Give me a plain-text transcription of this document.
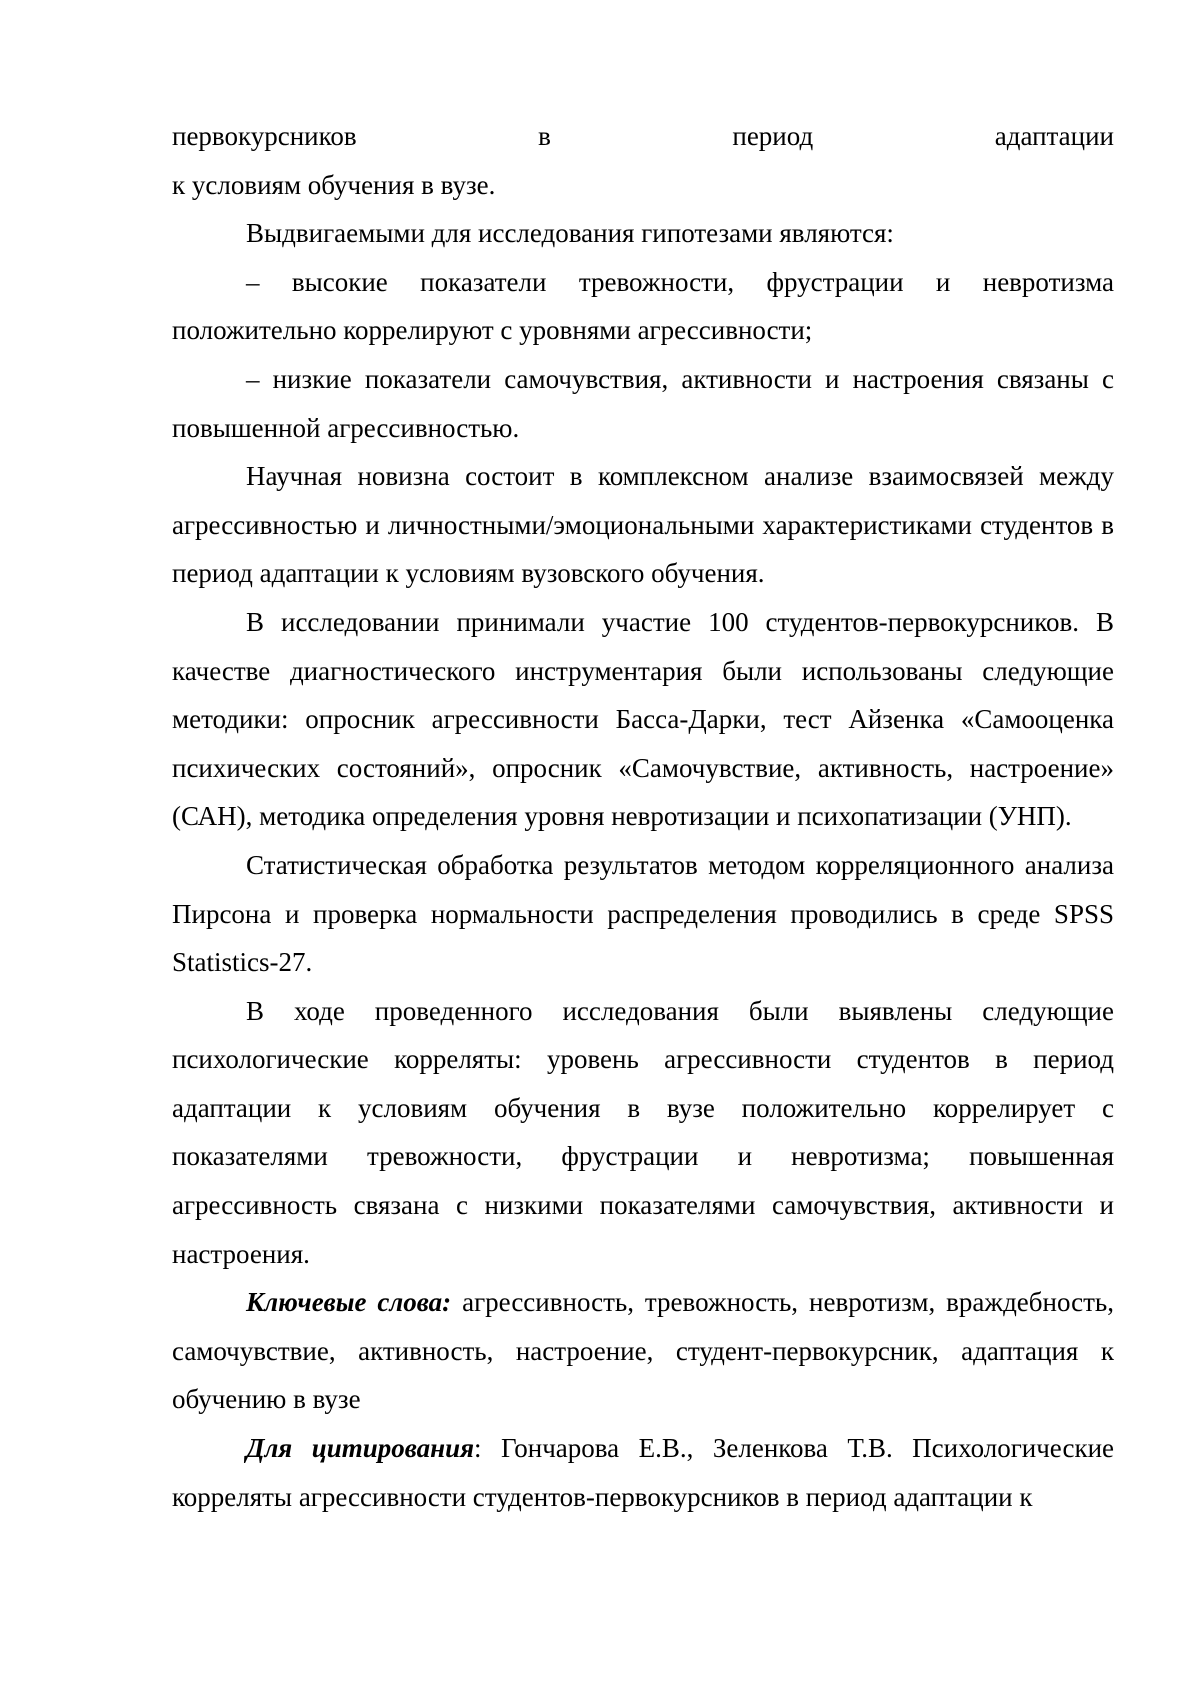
первокурсников в период адаптации

к условиям обучения в вузе.

Выдвигаемыми для исследования гипотезами являются:

– высокие показатели тревожности, фрустрации и невротизма положительно коррелируют с уровнями агрессивности;

– низкие показатели самочувствия, активности и настроения связаны с повышенной агрессивностью.

Научная новизна состоит в комплексном анализе взаимосвязей между агрессивностью и личностными/эмоциональными характеристиками студентов в период адаптации к условиям вузовского обучения.

В исследовании принимали участие 100 студентов-первокурсников. В качестве диагностического инструментария были использованы следующие методики: опросник агрессивности Басса-Дарки, тест Айзенка «Самооценка психических состояний», опросник «Самочувствие, активность, настроение» (САН), методика определения уровня невротизации и психопатизации (УНП).

Статистическая обработка результатов методом корреляционного анализа Пирсона и проверка нормальности распределения проводились в среде SPSS Statistics-27.

В ходе проведенного исследования были выявлены следующие психологические корреляты: уровень агрессивности студентов в период адаптации к условиям обучения в вузе положительно коррелирует с показателями тревожности, фрустрации и невротизма; повышенная агрессивность связана с низкими показателями самочувствия, активности и настроения.

Ключевые слова: агрессивность, тревожность, невротизм, враждебность, самочувствие, активность, настроение, студент-первокурсник, адаптация к обучению в вузе

Для цитирования: Гончарова Е.В., Зеленкова Т.В. Психологические корреляты агрессивности студентов-первокурсников в период адаптации к
